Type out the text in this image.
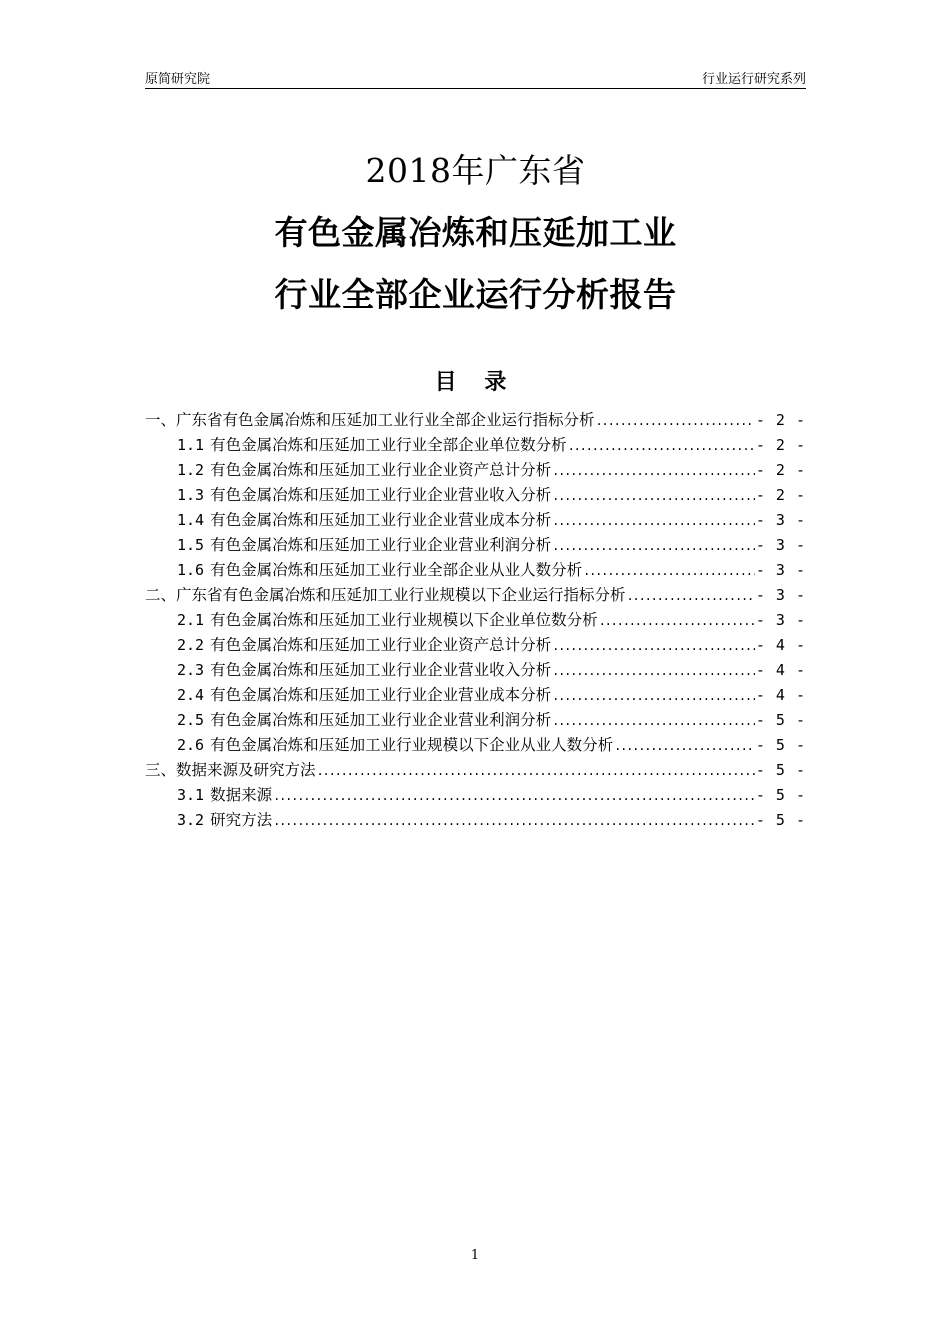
原简研究院	行业运行研究系列
2018年广东省
有色金属冶炼和压延加工业
行业全部企业运行分析报告
目 录
一、广东省有色金属冶炼和压延加工业行业全部企业运行指标分析 .....	- 2 -
1.1 有色金属冶炼和压延加工业行业全部企业单位数分析 .....	- 2 -
1.2 有色金属冶炼和压延加工业行业企业资产总计分析 .....	- 2 -
1.3 有色金属冶炼和压延加工业行业企业营业收入分析 .....	- 2 -
1.4 有色金属冶炼和压延加工业行业企业营业成本分析 .....	- 3 -
1.5 有色金属冶炼和压延加工业行业企业营业利润分析 .....	- 3 -
1.6 有色金属冶炼和压延加工业行业全部企业从业人数分析 .....	- 3 -
二、广东省有色金属冶炼和压延加工业行业规模以下企业运行指标分析 .....	- 3 -
2.1 有色金属冶炼和压延加工业行业规模以下企业单位数分析 .....	- 3 -
2.2 有色金属冶炼和压延加工业行业企业资产总计分析 .....	- 4 -
2.3 有色金属冶炼和压延加工业行业企业营业收入分析 .....	- 4 -
2.4 有色金属冶炼和压延加工业行业企业营业成本分析 .....	- 4 -
2.5 有色金属冶炼和压延加工业行业企业营业利润分析 .....	- 5 -
2.6 有色金属冶炼和压延加工业行业规模以下企业从业人数分析 .....	- 5 -
三、数据来源及研究方法 .....	- 5 -
3.1 数据来源 .....	- 5 -
3.2 研究方法 .....	- 5 -
1
